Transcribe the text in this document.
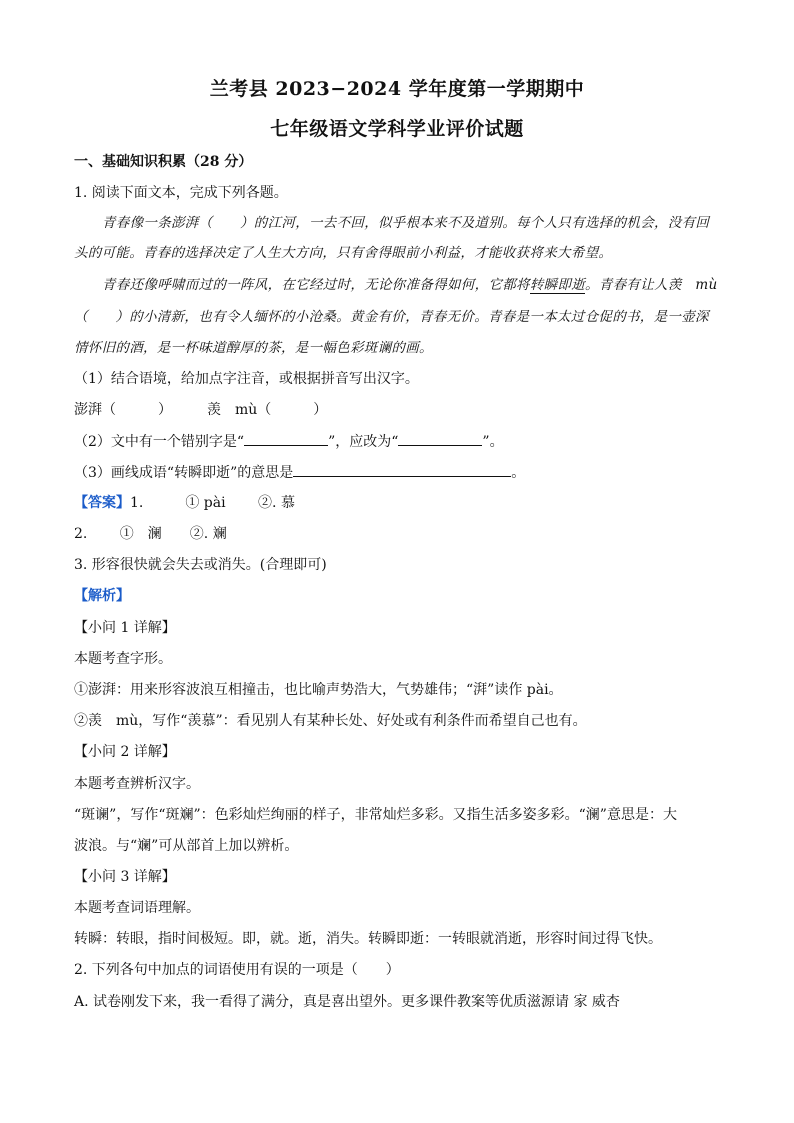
兰考县 2023−2024 学年度第一学期期中
七年级语文学科学业评价试题
一、基础知识积累（28 分）
1. 阅读下面文本，完成下列各题。
青春像一条澎湃（　　）的江河，一去不回，似乎根本来不及道别。每个人只有选择的机会，没有回
头的可能。青春的选择决定了人生大方向，只有舍得眼前小利益，才能收获将来大希望。
青春还像呼啸而过的一阵风，在它经过时，无论你准备得如何，它都将转瞬即逝。青春有让人羡　mù
（　　）的小清新，也有令人缅怀的小沧桑。黄金有价，青春无价。青春是一本太过仓促的书，是一壶深
情怀旧的酒，是一杯味道醇厚的茶，是一幅色彩斑谰的画。
（1）结合语境，给加点字注音，或根据拼音写出汉字。
澎湃（　　　）　　　羡　mù（　　　）
（2）文中有一个错别字是“	”，应改为“	”。
（3）画线成语“转瞬即逝”的意思是	。
【答案】1.　　　① pài　　 ②. 慕
2.　　 ①　澜　　②. 斓
3. 形容很快就会失去或消失。(合理即可)
【解析】
【小问 1 详解】
本题考查字形。
①澎湃：用来形容波浪互相撞击，也比喻声势浩大，气势雄伟；“湃”读作 pài。
②羡　mù，写作“羡慕”：看见别人有某种长处、好处或有利条件而希望自己也有。
【小问 2 详解】
本题考查辨析汉字。
“斑谰”，写作“斑斓”：色彩灿烂绚丽的样子，非常灿烂多彩。又指生活多姿多彩。“澜”意思是：大
波浪。与“斓”可从部首上加以辨析。
【小问 3 详解】
本题考查词语理解。
转瞬：转眼，指时间极短。即，就。逝，消失。转瞬即逝：一转眼就消逝，形容时间过得飞快。
2. 下列各句中加点的词语使用有误的一项是（　　）
A. 试卷刚发下来，我一看得了满分，真是喜出望外。更多课件教案等优质滋源请 家 威杏
